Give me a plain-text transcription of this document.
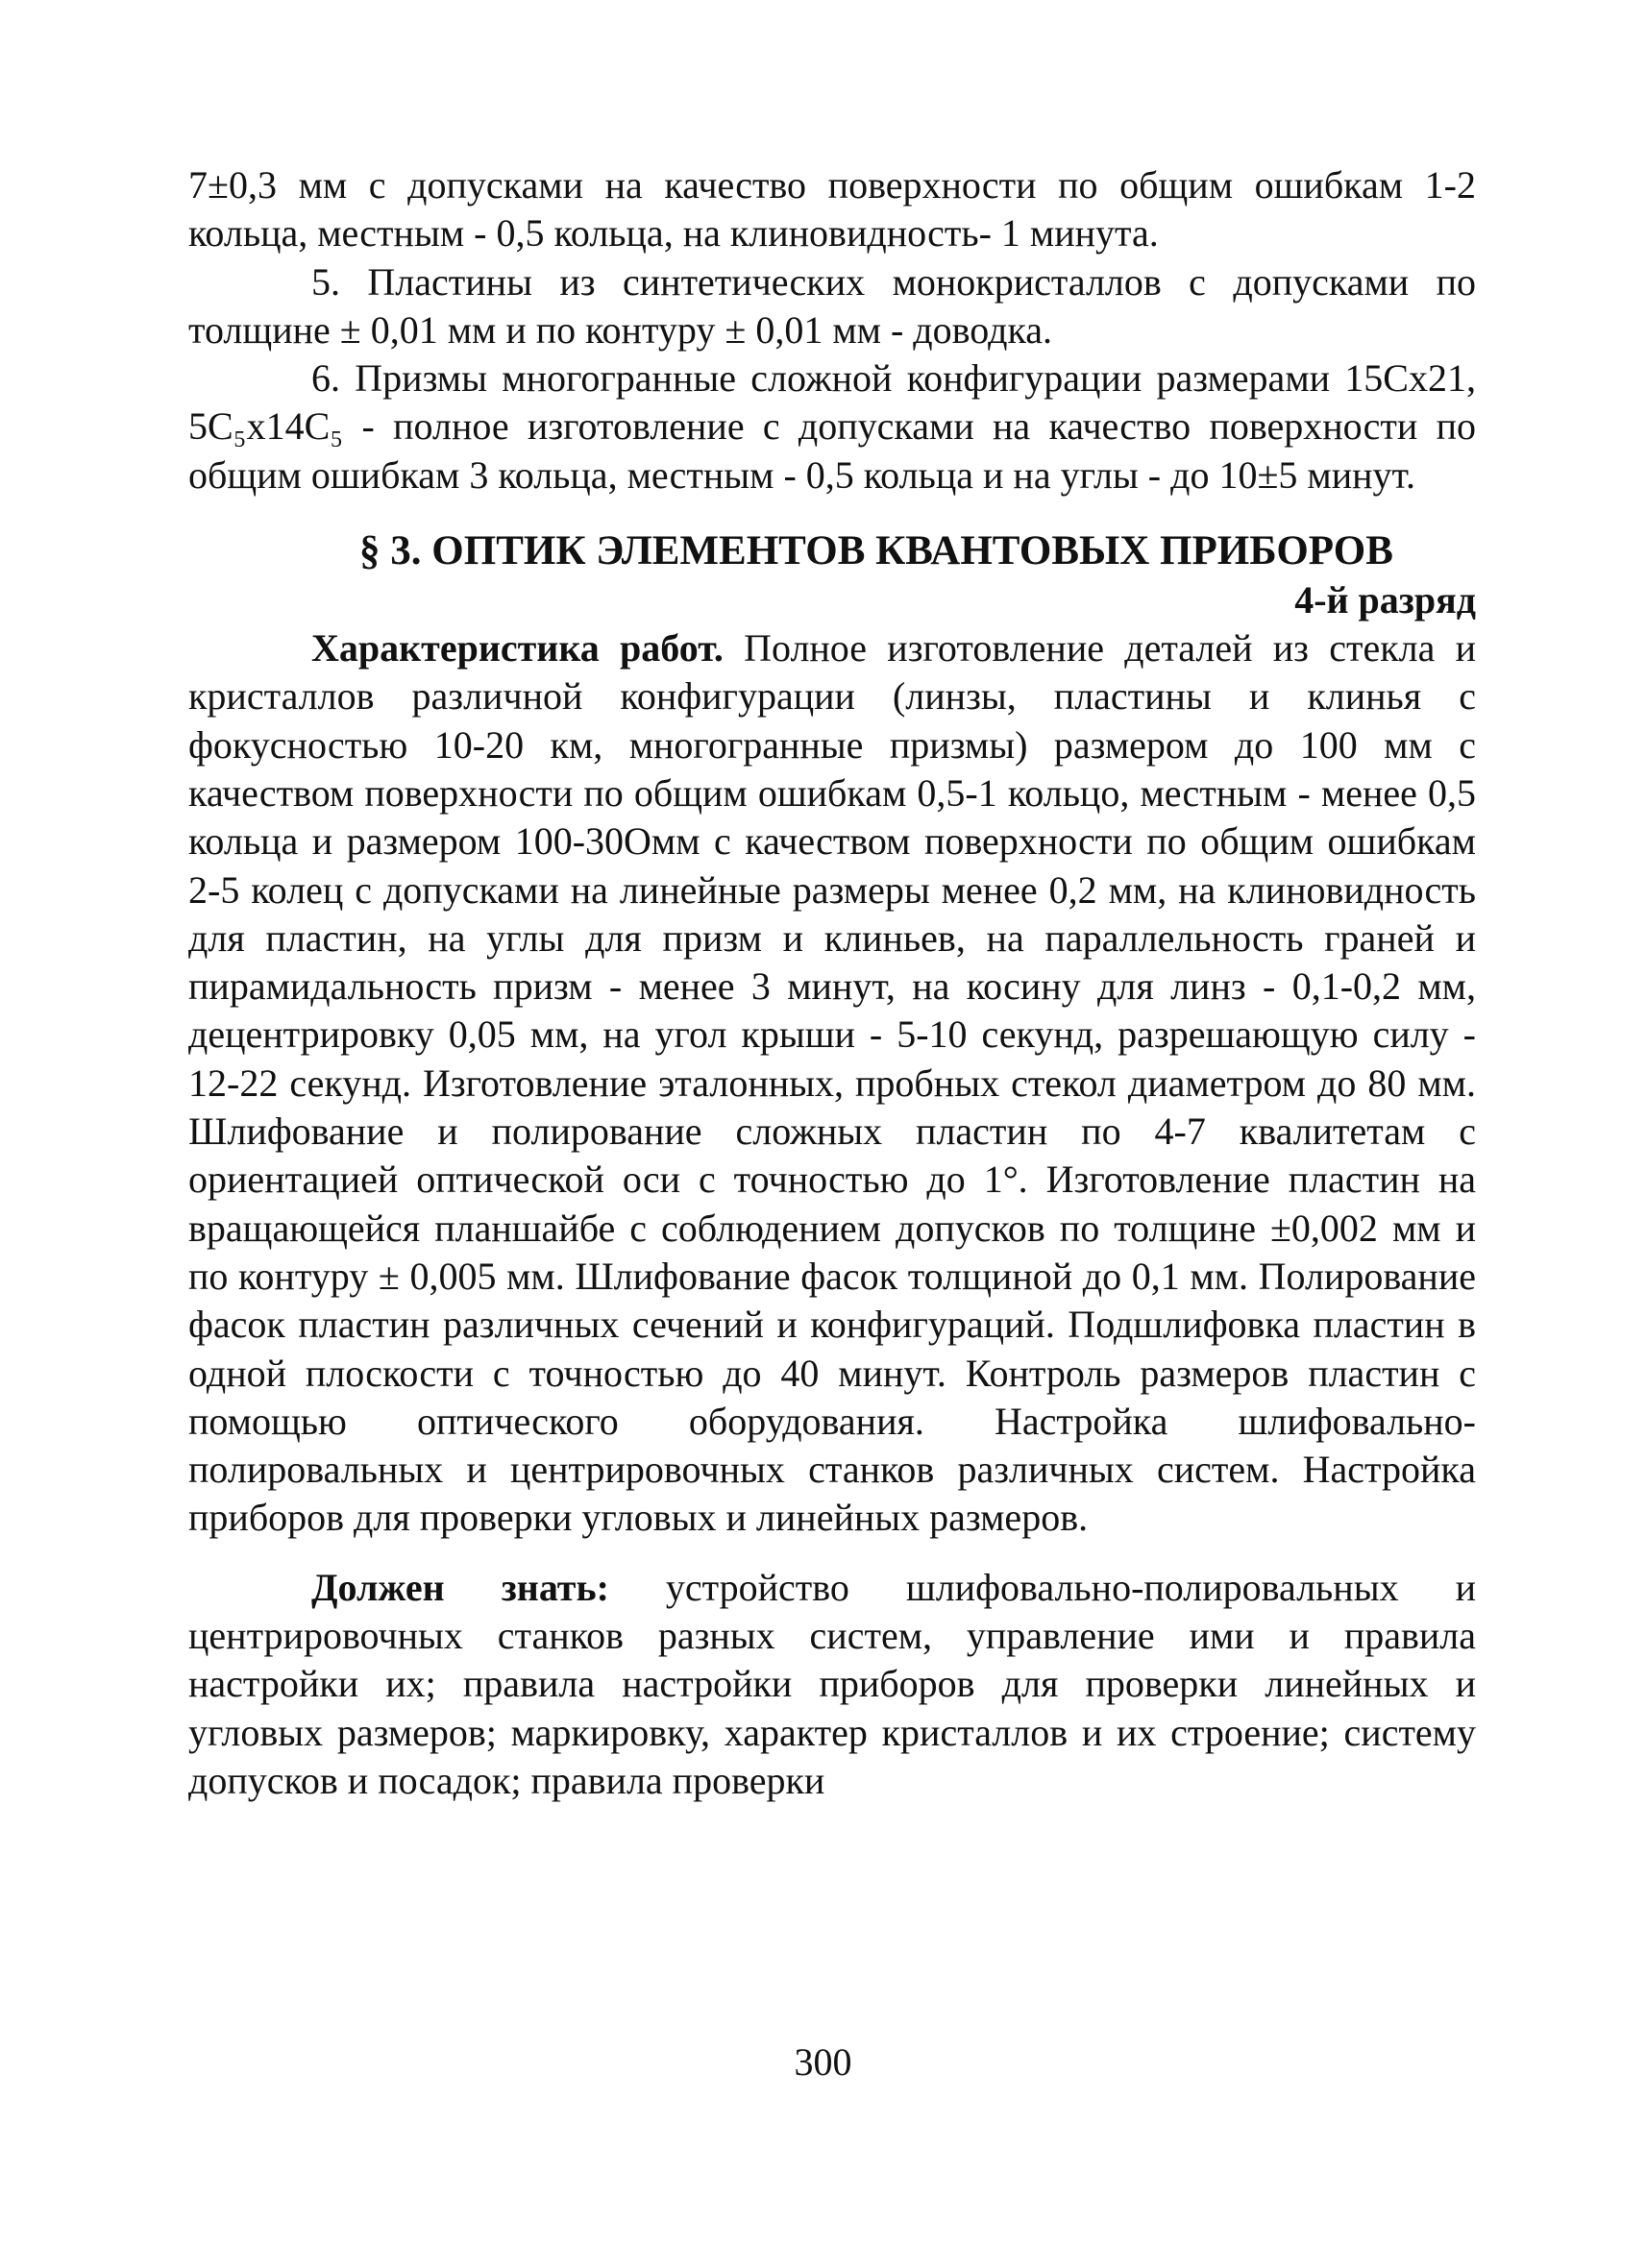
7±0,3 мм с допусками на качество поверхности по общим ошибкам 1-2 кольца, местным - 0,5 кольца, на клиновидность- 1 минута.

5. Пластины из синтетических монокристаллов с допусками по толщине ± 0,01 мм и по контуру ± 0,01 мм - доводка.

6. Призмы многогранные сложной конфигурации размерами 15Сх21, 5С₅х14С₅ - полное изготовление с допусками на качество поверхности по общим ошибкам 3 кольца, местным - 0,5 кольца и на углы - до 10±5 минут.

§ 3. ОПТИК ЭЛЕМЕНТОВ КВАНТОВЫХ ПРИБОРОВ

4-й разряд

Характеристика работ. Полное изготовление деталей из стекла и кристаллов различной конфигурации (линзы, пластины и клинья с фокусностью 10-20 км, многогранные призмы) размером до 100 мм с качеством поверхности по общим ошибкам 0,5-1 кольцо, местным - менее 0,5 кольца и размером 100-30Омм с качеством поверхности по общим ошибкам 2-5 колец с допусками на линейные размеры менее 0,2 мм, на клиновидность для пластин, на углы для призм и клиньев, на параллельность граней и пирамидальность призм - менее 3 минут, на косину для линз - 0,1-0,2 мм, децентрировку 0,05 мм, на угол крыши - 5-10 секунд, разрешающую силу - 12-22 секунд. Изготовление эталонных, пробных стекол диаметром до 80 мм. Шлифование и полирование сложных пластин по 4-7 квалитетам с ориентацией оптической оси с точностью до 1°. Изготовление пластин на вращающейся планшайбе с соблюдением допусков по толщине ±0,002 мм и по контуру ± 0,005 мм. Шлифование фасок толщиной до 0,1 мм. Полирование фасок пластин различных сечений и конфигураций. Подшлифовка пластин в одной плоскости с точностью до 40 минут. Контроль размеров пластин с помощью оптического оборудования. Настройка шлифовально-полировальных и центрировочных станков различных систем. Настройка приборов для проверки угловых и линейных размеров.

Должен знать: устройство шлифовально-полировальных и центрировочных станков разных систем, управление ими и правила настройки их; правила настройки приборов для проверки линейных и угловых размеров; маркировку, характер кристаллов и их строение; систему допусков и посадок; правила проверки

300
